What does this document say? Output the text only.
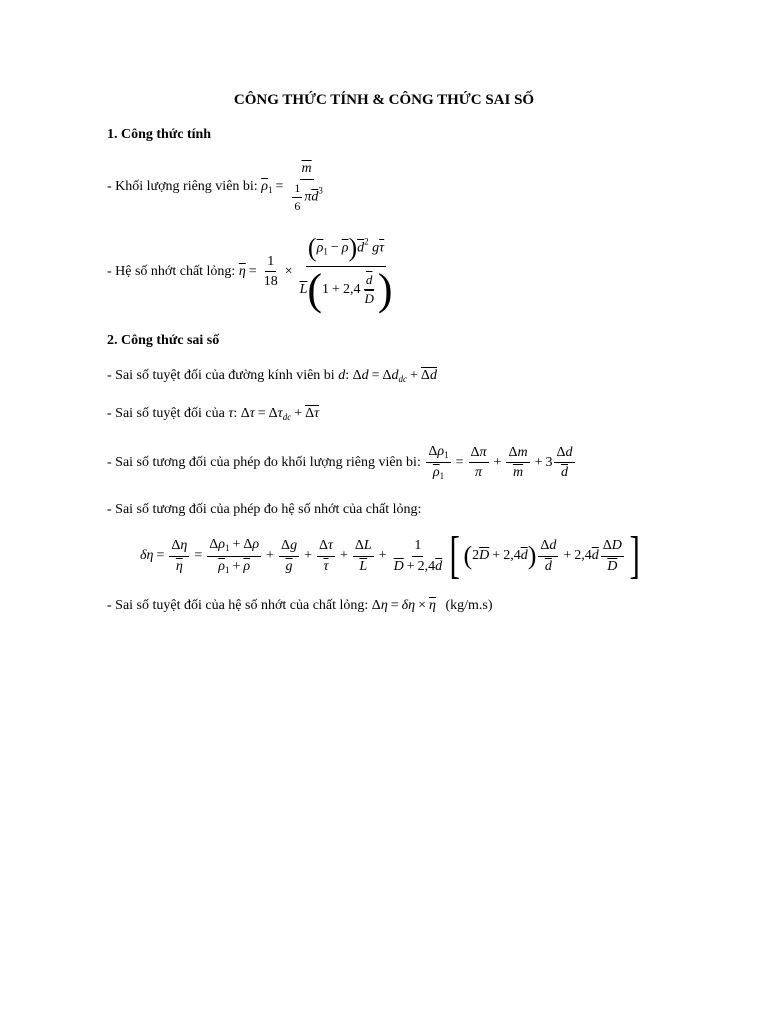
CÔNG THỨC TÍNH & CÔNG THỨC SAI SỐ
1. Công thức tính
- Khối lượng riêng viên bi: $\overline{\rho}_1 = \frac{\overline{m}}{\frac{1}{6} \pi\overline{d}^3}$
- Hệ số nhớt chất lỏng: $\overline{\eta} = \frac{1}{18} \times \frac{(\overline{\rho}_1 - \overline{\rho})\overline{d}^2 g\overline{\tau}}{\overline{L}(1 + 2,4 \frac{\overline{d}}{D} )}$
2. Công thức sai số
- Sai số tuyệt đối của đường kính viên bi d: $\Delta d = \Delta d_{dc} + \Delta d$
- Sai số tuyệt đối của τ: $\Delta\tau = \Delta\tau_{dc} + \Delta\tau$
- Sai số tương đối của phép đo khối lượng riêng viên bi: $\frac{\Delta\rho_1}{\overline{\rho}_1} = \frac{\Delta\pi}{\pi} + \frac{\Delta m}{m} + 3 \frac{\Delta d}{d}$
- Sai số tương đối của phép đo hệ số nhớt của chất lỏng:
$\delta\eta = \frac{\Delta\eta}{\eta} = \frac{\Delta\rho_1 + \Delta\rho}{\overline{\rho}_1 + \overline{\rho}} + \frac{\Delta g}{g} + \frac{\Delta\tau}{\tau} + \frac{\Delta L}{L} + \frac{1}{\overline{D} + 2,4\overline{d}}$ [ $(2\overline{D} + 2,4\overline{d}) \frac{\Delta d}{d} + 2,4\overline{d} \frac{\Delta D}{D}$ ]
- Sai số tuyệt đối của hệ số nhớt của chất lỏng: $\Delta\eta = \delta\eta \times \overline{\eta}$ (kg/m.s)
